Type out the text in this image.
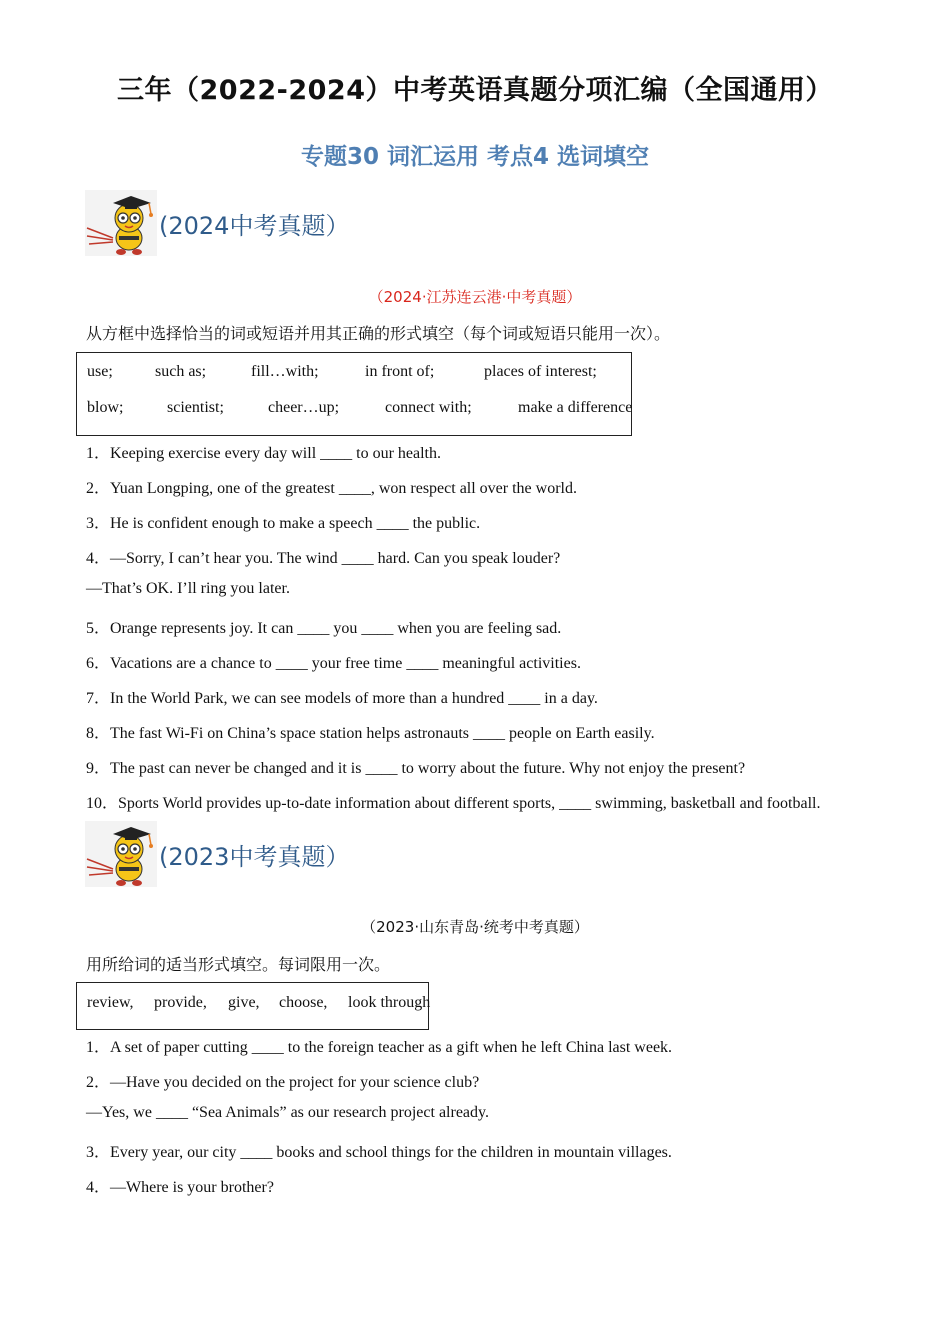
三年（2022-2024）中考英语真题分项汇编（全国通用）
专题30 词汇运用 考点4 选词填空
(2024中考真题）
（2024·江苏连云港·中考真题）
从方框中选择恰当的词或短语并用其正确的形式填空（每个词或短语只能用一次）。
use;	such as;	fill…with;	in front of;	places of interest;
blow;	scientist;	cheer…up;	connect with;	make a difference
1．Keeping exercise every day will ____ to our health.
2．Yuan Longping, one of the greatest ____, won respect all over the world.
3．He is confident enough to make a speech ____ the public.
4．—Sorry, I can’t hear you. The wind ____ hard. Can you speak louder?
—That’s OK. I’ll ring you later.
5．Orange represents joy. It can ____ you ____ when you are feeling sad.
6．Vacations are a chance to ____ your free time ____ meaningful activities.
7．In the World Park, we can see models of more than a hundred ____ in a day.
8．The fast Wi-Fi on China’s space station helps astronauts ____ people on Earth easily.
9．The past can never be changed and it is ____ to worry about the future. Why not enjoy the present?
10．Sports World provides up-to-date information about different sports, ____ swimming, basketball and football.
(2023中考真题）
（2023·山东青岛·统考中考真题）
用所给词的适当形式填空。每词限用一次。
review, provide, give, choose, look through
1．A set of paper cutting ____ to the foreign teacher as a gift when he left China last week.
2．—Have you decided on the project for your science club?
—Yes, we ____ “Sea Animals” as our research project already.
3．Every year, our city ____ books and school things for the children in mountain villages.
4．—Where is your brother?
